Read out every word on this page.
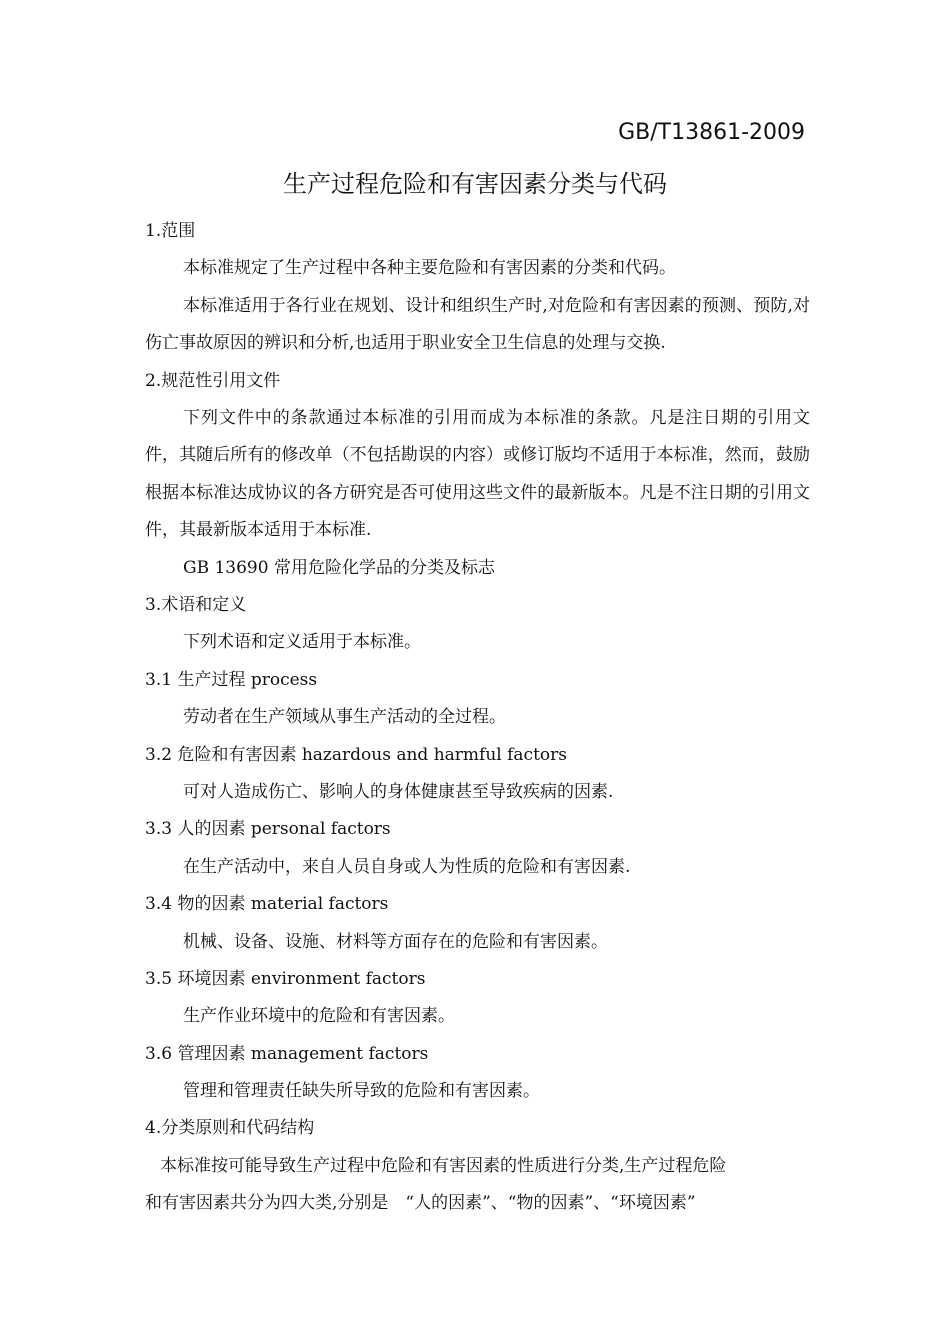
GB/T13861-2009
生产过程危险和有害因素分类与代码
1.范围
本标准规定了生产过程中各种主要危险和有害因素的分类和代码。

本标准适用于各行业在规划、设计和组织生产时,对危险和有害因素的预测、预防,对伤亡事故原因的辨识和分析,也适用于职业安全卫生信息的处理与交换.

2.规范性引用文件

下列文件中的条款通过本标准的引用而成为本标准的条款。凡是注日期的引用文件，其随后所有的修改单（不包括勘误的内容）或修订版均不适用于本标准，然而，鼓励根据本标准达成协议的各方研究是否可使用这些文件的最新版本。凡是不注日期的引用文件，其最新版本适用于本标准.

GB 13690 常用危险化学品的分类及标志
3.术语和定义
下列术语和定义适用于本标准。
3.1 生产过程 process
劳动者在生产领域从事生产活动的全过程。
3.2 危险和有害因素 hazardous and harmful factors
可对人造成伤亡、影响人的身体健康甚至导致疾病的因素.
3.3 人的因素 personal factors
在生产活动中，来自人员自身或人为性质的危险和有害因素.
3.4 物的因素 material factors
机械、设备、设施、材料等方面存在的危险和有害因素。
3.5 环境因素 environment factors
生产作业环境中的危险和有害因素。
3.6 管理因素 management factors
管理和管理责任缺失所导致的危险和有害因素。
4.分类原则和代码结构
本标准按可能导致生产过程中危险和有害因素的性质进行分类,生产过程危险
和有害因素共分为四大类,分别是　“人的因素”、“物的因素”、“环境因素”
